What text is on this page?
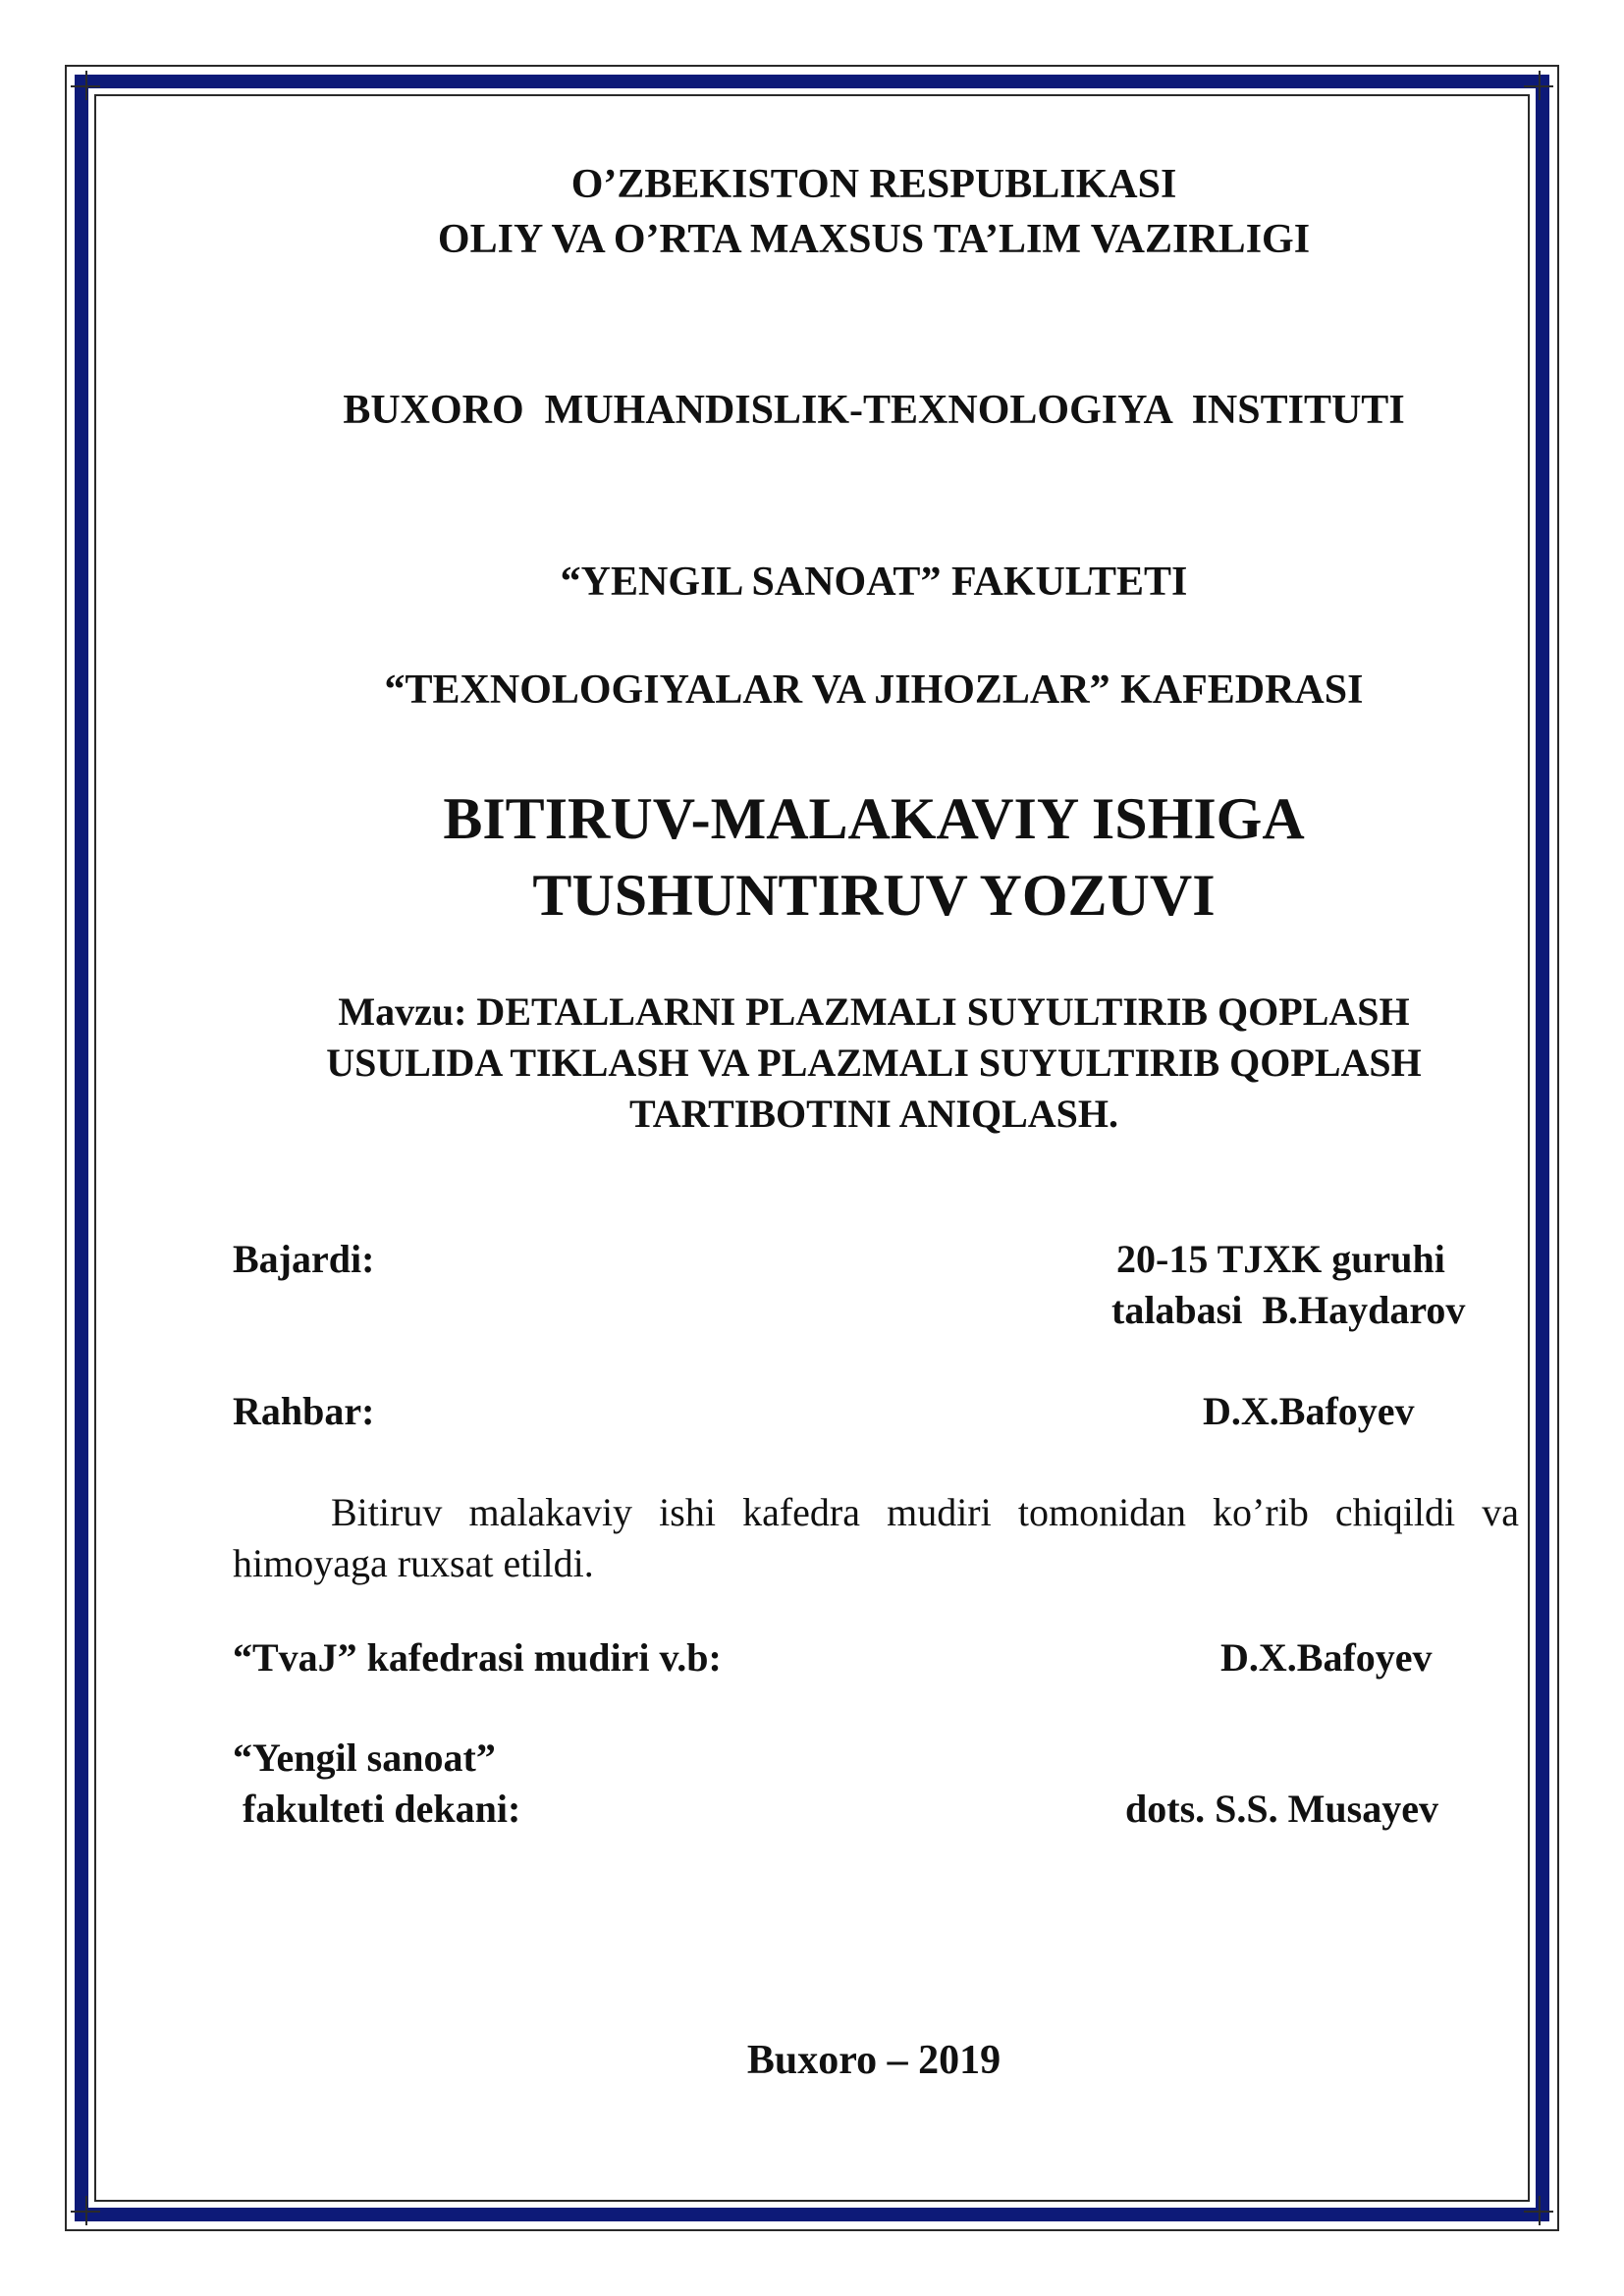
O’ZBEKISTON RESPUBLIKASI
OLIY VA O’RTA MAXSUS TA’LIM VAZIRLIGI
BUXORO  MUHANDISLIK-TEXNOLOGIYA  INSTITUTI
“YENGIL SANOAT” FAKULTETI
“TEXNOLOGIYALAR VA JIHOZLAR” KAFEDRASI
BITIRUV-MALAKAVIY ISHIGA
TUSHUNTIRUV YOZUVI
Mavzu: DETALLARNI PLAZMALI SUYULTIRIB QOPLASH
USULIDA TIKLASH VA PLAZMALI SUYULTIRIB QOPLASH
TARTIBOTINI ANIQLASH.
Bajardi:	20-15 TJXK guruhi
talabasi  B.Haydarov
Rahbar:	D.X.Bafoyev
Bitiruv malakaviy ishi kafedra mudiri tomonidan ko’rib chiqildi va himoyaga ruxsat etildi.
“TvaJ” kafedrasi mudiri v.b:	D.X.Bafoyev
“Yengil sanoat”
fakulteti dekani:	dots. S.S. Musayev
Buxoro – 2019
